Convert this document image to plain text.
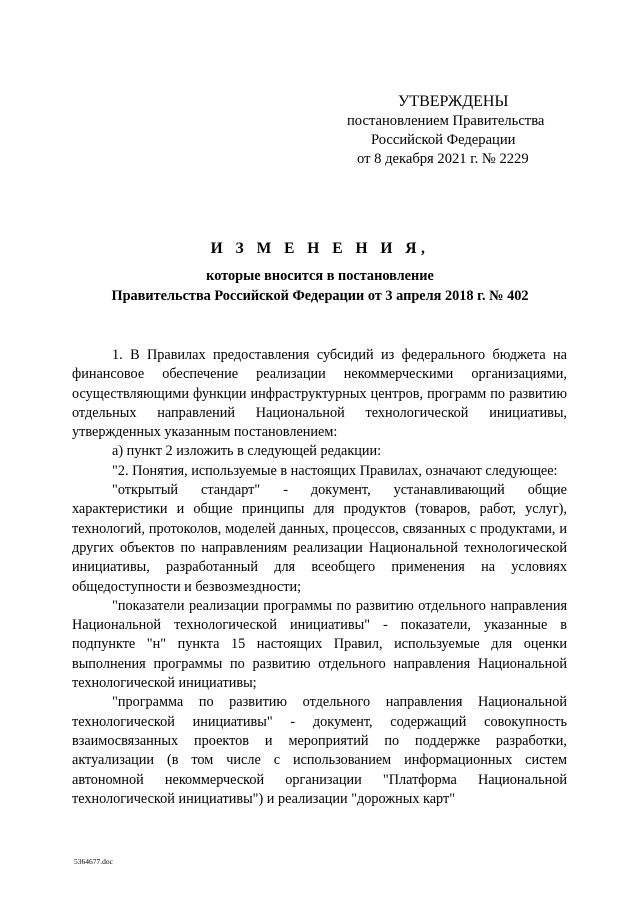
УТВЕРЖДЕНЫ
постановлением Правительства
Российской Федерации
от 8 декабря 2021 г. № 2229
И З М Е Н Е Н И Я,
которые вносится в постановление
Правительства Российской Федерации от 3 апреля 2018 г. № 402

1. В Правилах предоставления субсидий из федерального бюджета на финансовое обеспечение реализации некоммерческими организациями, осуществляющими функции инфраструктурных центров, программ по развитию отдельных направлений Национальной технологической инициативы, утвержденных указанным постановлением:

а) пункт 2 изложить в следующей редакции:

"2. Понятия, используемые в настоящих Правилах, означают следующее:

"открытый стандарт" - документ, устанавливающий общие характеристики и общие принципы для продуктов (товаров, работ, услуг), технологий, протоколов, моделей данных, процессов, связанных с продуктами, и других объектов по направлениям реализации Национальной технологической инициативы, разработанный для всеобщего применения на условиях общедоступности и безвозмездности;

"показатели реализации программы по развитию отдельного направления Национальной технологической инициативы" - показатели, указанные в подпункте "н" пункта 15 настоящих Правил, используемые для оценки выполнения программы по развитию отдельного направления Национальной технологической инициативы;

"программа по развитию отдельного направления Национальной технологической инициативы" - документ, содержащий совокупность взаимосвязанных проектов и мероприятий по поддержке разработки, актуализации (в том числе с использованием информационных систем автономной некоммерческой организации "Платформа Национальной технологической инициативы") и реализации "дорожных карт"

5364677.doc
